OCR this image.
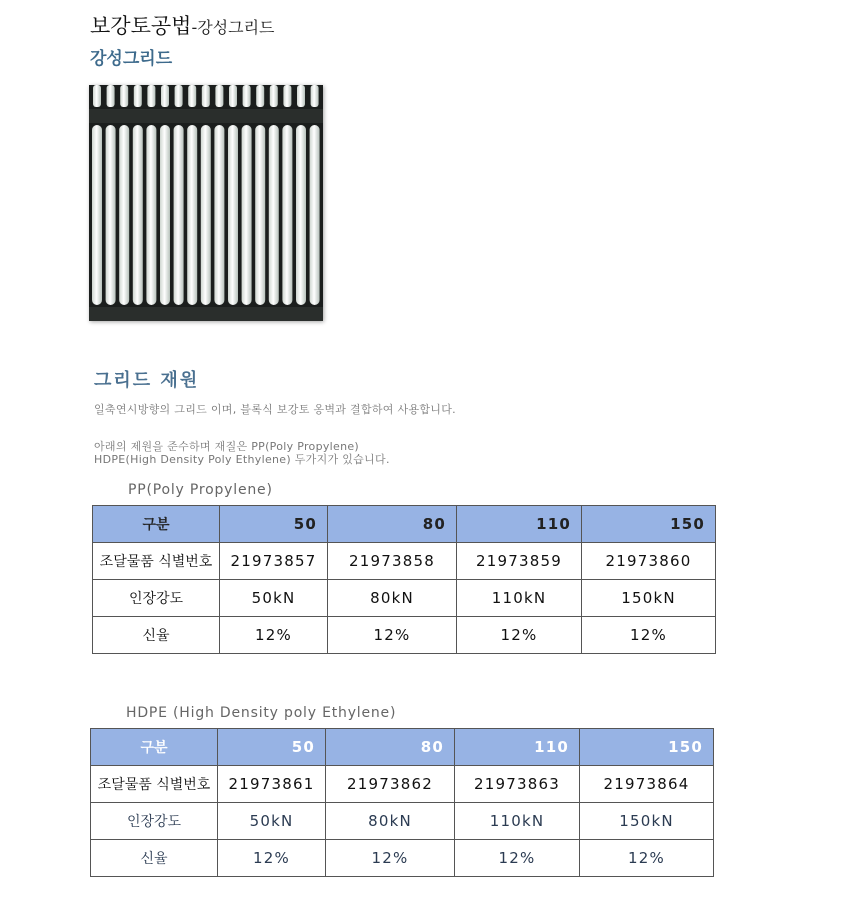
보강토공법-강성그리드
강성그리드
그리드 재원
일축연시방향의 그리드 이며, 블록식 보강토 옹벽과 결합하여 사용합니다.
아래의 제원을 준수하며 재질은 PP(Poly Propylene)
HDPE(High Density Poly Ethylene) 두가지가 있습니다.
PP(Poly Propylene)
구분	50	80	110	150
조달물품 식별번호	21973857	21973858	21973859	21973860
인장강도	50kN	80kN	110kN	150kN
신율	12%	12%	12%	12%
HDPE (High Density poly Ethylene)
구분	50	80	110	150
조달물품 식별번호	21973861	21973862	21973863	21973864
인장강도	50kN	80kN	110kN	150kN
신율	12%	12%	12%	12%
